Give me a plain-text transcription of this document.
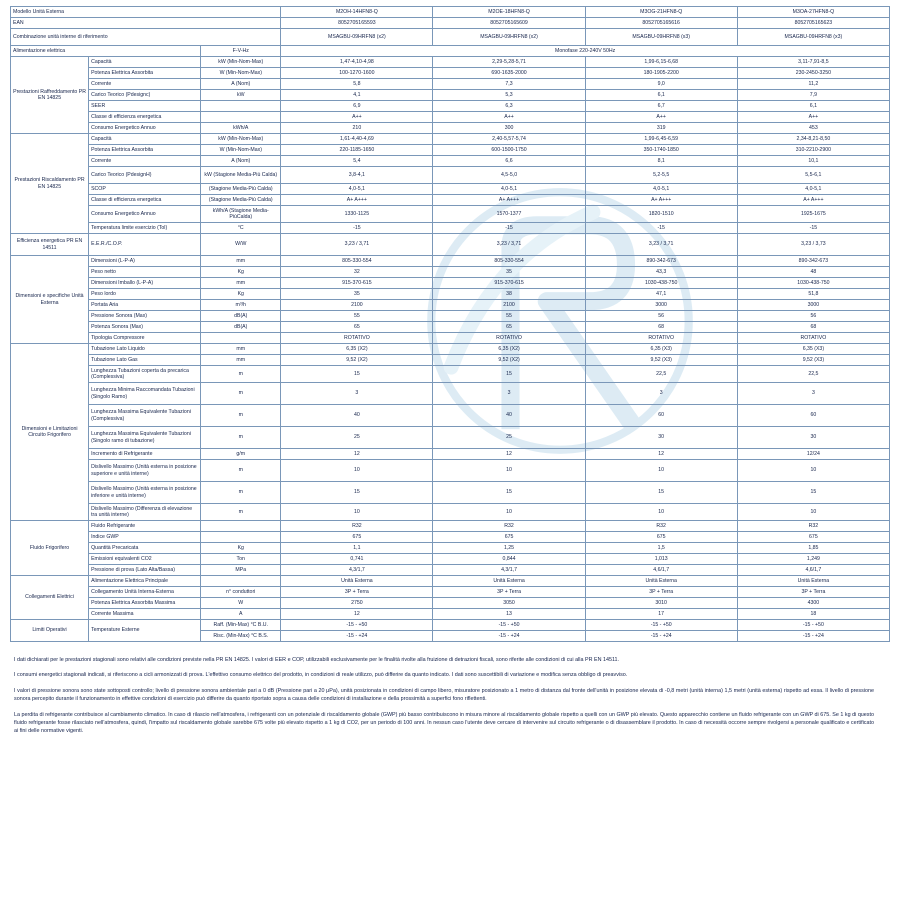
Modello Unità Esterna			M2OH-14HFN8-Q	M2OE-18HFN8-Q	M3OG-21HFN8-Q	M3OA-27HFN8-Q
EAN			8052705165593	8052705165609	8052705165616	8052705165623
Combinazione unità interne di riferimento			MSAGBU-09HRFN8 (x2)	MSAGBU-09HRFN8 (x2)	MSAGBU-09HRFN8 (x3)	MSAGBU-09HRFN8 (x3)
Alimentazione elettrica		F-V-Hz	Monofase 220-240V 50Hz			
Prestazioni Raffreddamento PR EN 14825	Capacità	kW (Min-Nom-Max)	1,47-4,10-4,98	2,29-5,28-5,71	1,99-6,15-6,68	3,11-7,91-8,5
	Potenza Elettrica Assorbita	W (Min-Nom-Max)	100-1270-1600	690-1635-2000	180-1905-2200	230-2450-3250
	Corrente	A (Nom)	5,8	7,3	9,0	11,2
	Carico Teorico (Pdesignc)	kW	4,1	5,3	6,1	7,9
	SEER		6,9	6,3	6,7	6,1
	Classe di efficienza energetica		A++	A++	A++	A++
	Consumo Energetico Annuo	kWh/A	210	300	319	453
Prestazioni Riscaldamento PR EN 14825	Capacità	kW (Min-Nom-Max)	1,61-4,40-4,69	2,40-5,57-5,74	1,99-6,45-6,59	2,34-8,21-8,50
	Potenza Elettrica Assorbita	W (Min-Nom-Max)	220-1185-1650	600-1500-1750	350-1740-1850	310-2210-2900
	Corrente	A (Nom)	5,4	6,6	8,1	10,1
	Carico Teorico (PdesignH)	kW (Stagione Media-Più Calda)	3,8-4,1	4,5-5,0	5,2-5,5	5,5-6,1
	SCOP	(Stagione Media-Più Calda)	4,0-5,1	4,0-5,1	4,0-5,1	4,0-5,1
	Classe di efficienza energetica	(Stagione Media-Più Calda)	A+ A+++	A+ A+++	A+ A+++	A+ A+++
	Consumo Energetico Annuo	kWh/A (Stagione Media-PiùCalda)	1330-1125	1570-1377	1820-1510	1925-1675
	Temperatura limite esercizio (Tol)	°C	-15	-15	-15	-15
Efficienza energetica PR EN 14511	E.E.R./C.O.P.	W/W	3,23 / 3,71	3,23 / 3,71	3,23 / 3,71	3,23 / 3,73
Dimensioni e specifiche Unità Esterna	Dimensioni (L-P-A)	mm	805-330-554	805-330-554	890-342-673	890-342-673
	Peso netto	Kg	32	35	43,3	48
	Dimensioni Imballo (L-P-A)	mm	915-370-615	915-370-615	1030-438-750	1030-438-750
	Peso lordo	Kg	35	38	47,1	51,8
	Portata Aria	m³/h	2100	2100	3000	3000
	Pressione Sonora (Max)	dB(A)	55	55	56	56
	Potenza Sonora (Max)	dB(A)	65	65	68	68
	Tipologia Compressore		ROTATIVO	ROTATIVO	ROTATIVO	ROTATIVO
Dimensioni e Limitazioni Circuito Frigorifero	Tubazione Lato Liquido	mm	6,35 (X2)	6,35 (X2)	6,35 (X3)	6,35 (X3)
	Tubazione Lato Gas	mm	9,52 (X2)	9,52 (X2)	9,52 (X3)	9,52 (X3)
	Lunghezza Tubazioni coperta da precarica (Complessiva)	m	15	15	22,5	22,5
	Lunghezza Minima Raccomandata Tubazioni (Singolo Ramo)	m	3	3	3	3
	Lunghezza Massima Equivalente Tubazioni (Complessiva)	m	40	40	60	60
	Lunghezza Massima Equivalente Tubazioni (Singolo ramo di tubazione)	m	25	25	30	30
	Incremento di Refrigerante	g/m	12	12	12	12/24
	Dislivello Massimo (Unità esterna in posizione superiore e unità interne)	m	10	10	10	10
	Dislivello Massimo (Unità esterna in posizione inferiore e unità interne)	m	15	15	15	15
	Dislivello Massimo (Differenza di elevazione tra unità interne)	m	10	10	10	10
Fluido Frigorifero	Fluido Refrigerante		R32	R32	R32	R32
	Indice GWP		675	675	675	675
	Quantità Precaricata	Kg	1,1	1,25	1,5	1,85
	Emissioni equivalenti CO2	Ton	0,741	0,844	1,013	1,249
	Pressione di prova (Lato Alta/Bassa)	MPa	4,3/1,7	4,3/1,7	4,6/1,7	4,6/1,7
Collegamenti Elettrici	Alimentazione Elettrica Principale		Unità Esterna	Unità Esterna	Unità Esterna	Unità Esterna
	Collegamento Unità Interna-Esterna	n° conduttori	3P + Terra	3P + Terra	3P + Terra	3P + Terra
	Potenza Elettrica Assorbita Massima	W	2750	3050	3010	4300
	Corrente Massima	A	12	13	17	18
Limiti Operativi	Temperature Esterne	Raff. (Min-Max) °C B.U.	-15 - +50	-15 - +50	-15 - +50	-15 - +50
		Risc. (Min-Max) °C B.S.	-15 - +24	-15 - +24	-15 - +24	-15 - +24

I dati dichiarati per le prestazioni stagionali sono relativi alle condizioni previste nella PR EN 14825. I valori di EER e COP, utilizzabili esclusivamente per le finalità rivolte alla fruizione di detrazioni fiscali, sono riferite alle condizioni di cui alla PR EN 14511.

I consumi energetici stagionali indicati, si riferiscono a cicli armonizzati di prova. L'effettivo consumo elettrico del prodotto, in condizioni di reale utilizzo, può differire da quanto indicato. I dati sono suscettibili di variazione e modifica senza obbligo di preavviso.

I valori di pressione sonora sono state sottoposti controllo; livello di pressione sonora ambientale pari a 0 dB (Pressione pari a 20 μPa), unità posizionata in condizioni di campo libero, misuratore posizionato a 1 metro di distanza dal fronte dell'unità in posizione elevata di -0,8 metri (unità interna) 1,5 metri (unità esterna) rispetto ad essa. Il livello di pressione sonora percepito durante il funzionamento in effettive condizioni di esercizio può differire da quanto riportato sopra a causa delle condizioni di installazione e della prossimità a superfici fono riflettenti.

La perdita di refrigerante contribuisce al cambiamento climatico. In caso di rilascio nell'atmosfera, i refrigeranti con un potenziale di riscaldamento globale (GWP) più basso contribuiscono in misura minore al riscaldamento globale rispetto a quelli con un GWP più elevato. Questo apparecchio contiene un fluido refrigerante con un GWP di 675. Se 1 kg di questo fluido refrigerante fosse rilasciato nell'atmosfera, quindi, l'impatto sul riscaldamento globale sarebbe 675 volte più elevato rispetto a 1 kg di CO2, per un periodo di 100 anni. In nessun caso l'utente deve cercare di intervenire sul circuito refrigerante o di disassemblare il prodotto. In caso di necessità occorre sempre rivolgersi a personale qualificato e certificato ai fini delle normative vigenti.
